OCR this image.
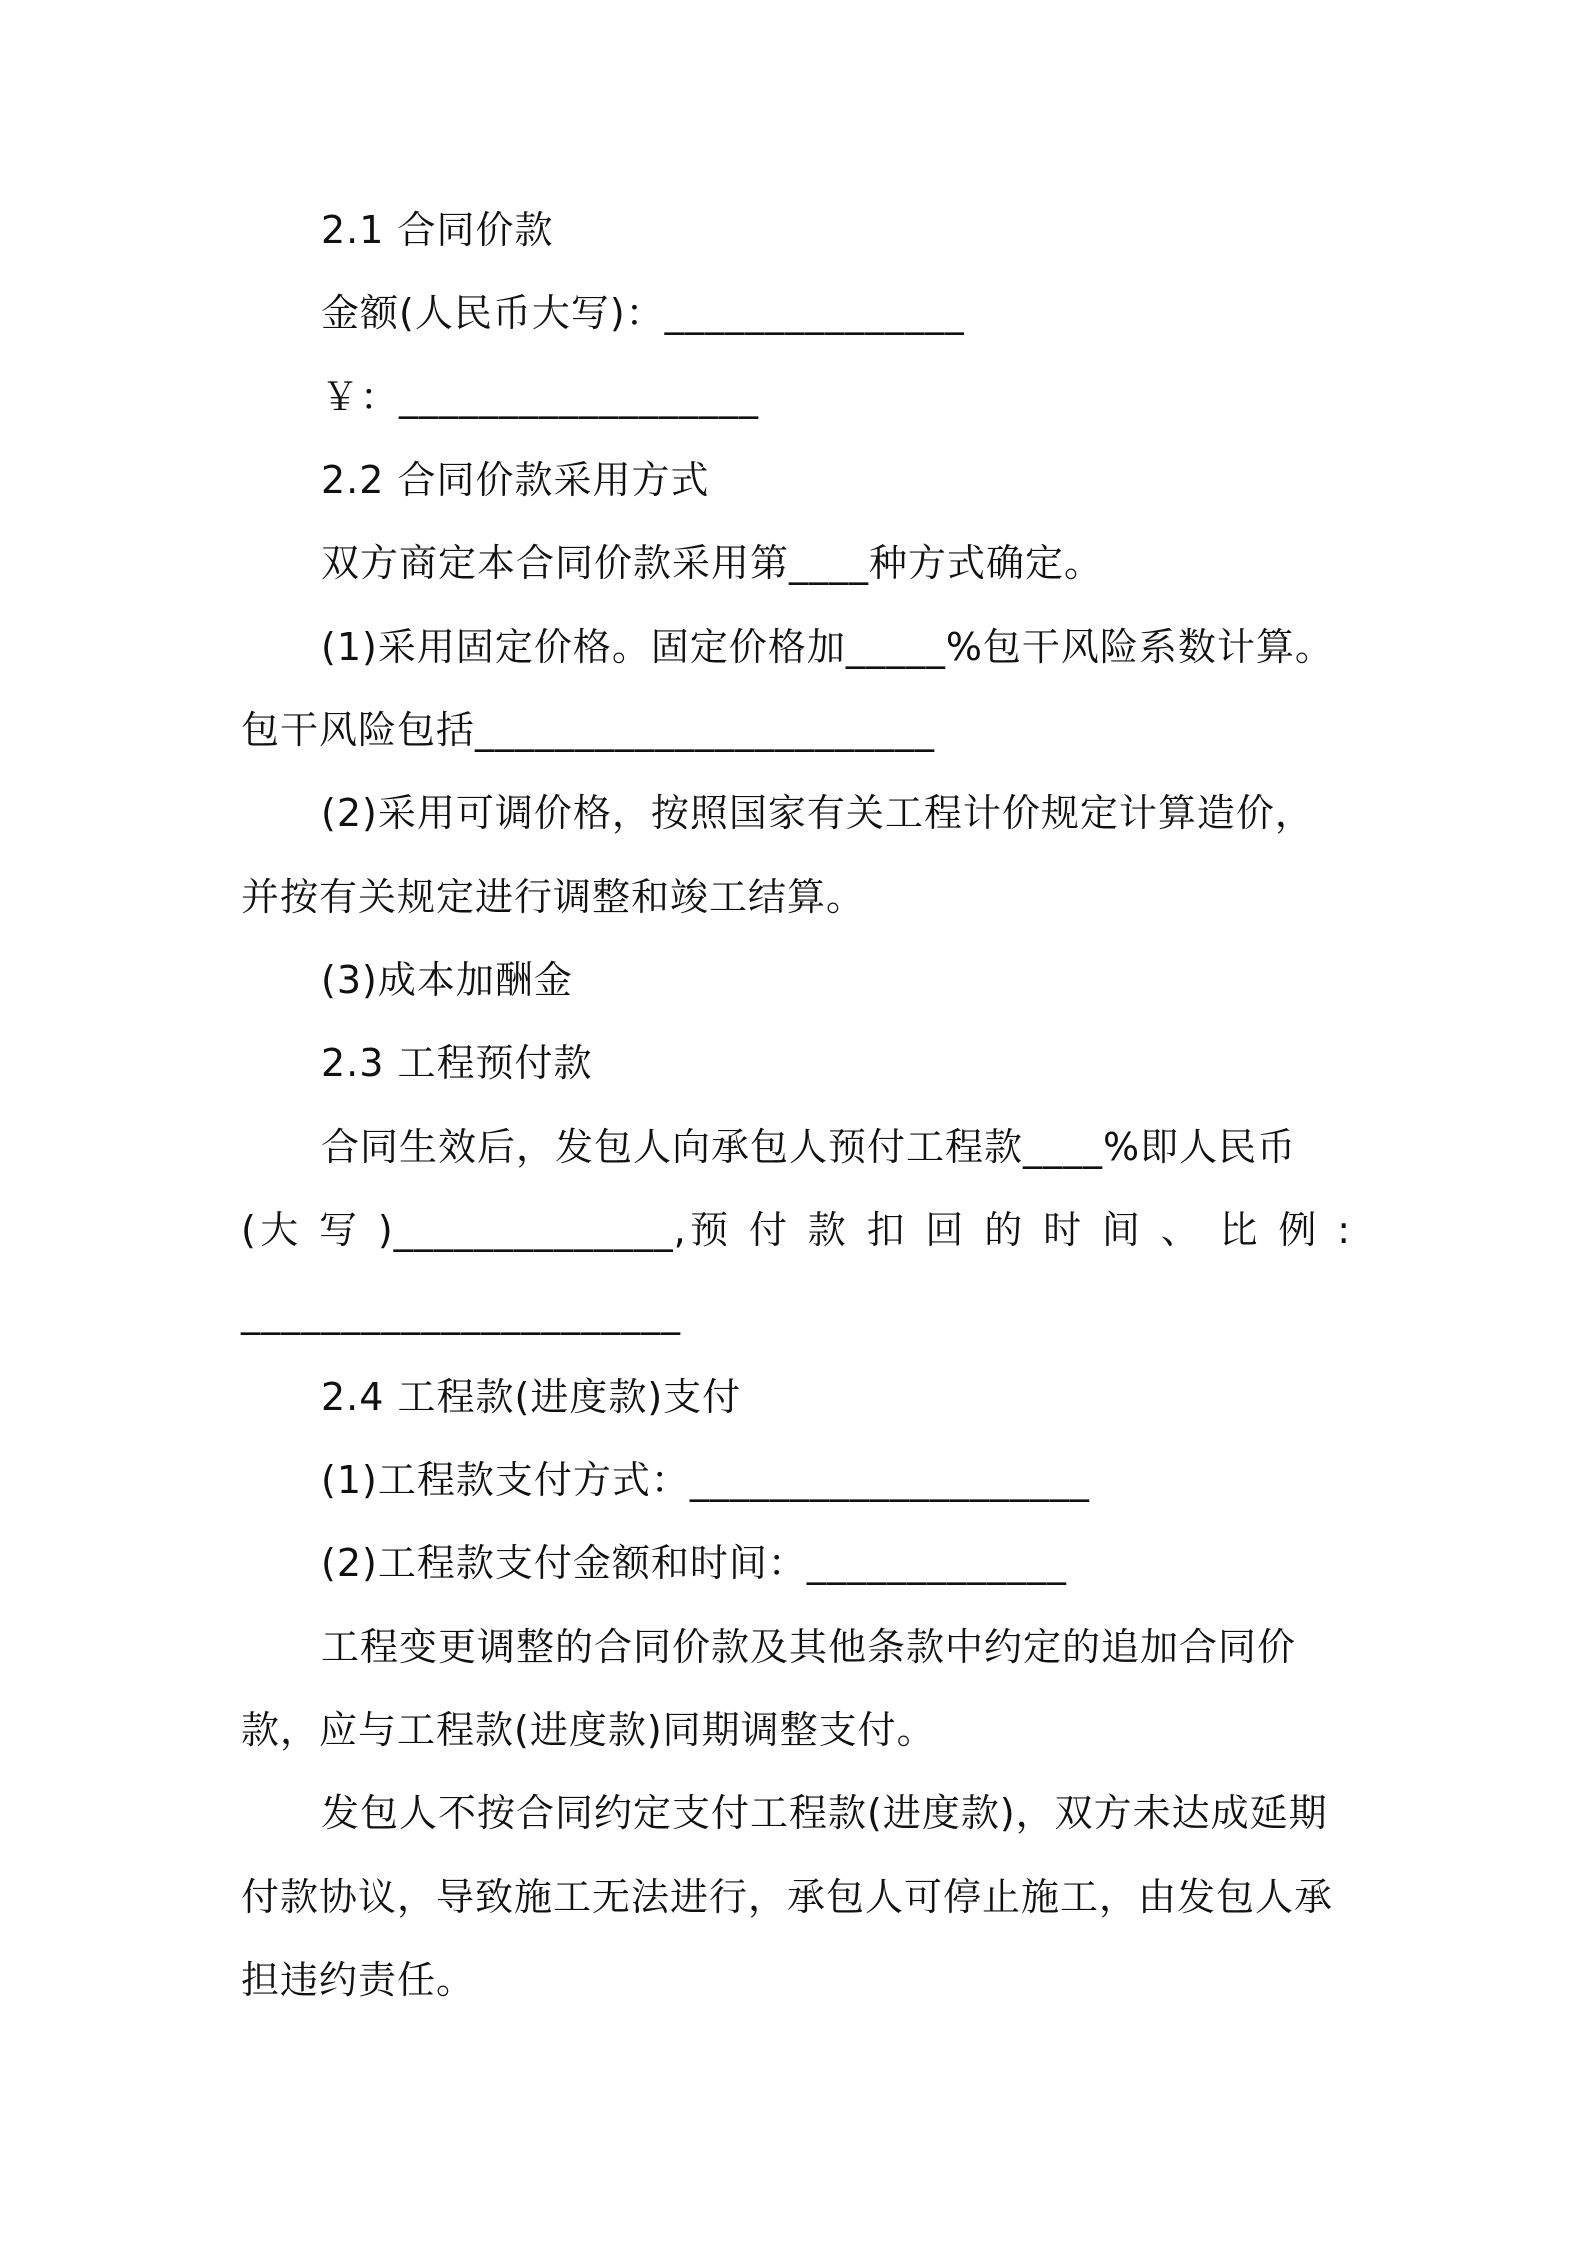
2.1 合同价款
金额(人民币大写)：_______________
￥：__________________
2.2 合同价款采用方式
双方商定本合同价款采用第____种方式确定。
(1)采用固定价格。固定价格加_____%包干风险系数计算。
包干风险包括_______________________
(2)采用可调价格，按照国家有关工程计价规定计算造价，
并按有关规定进行调整和竣工结算。
(3)成本加酬金
2.3 工程预付款
合同生效后，发包人向承包人预付工程款____%即人民币
(大 写 )______________,预 付 款 扣 回 的 时 间 、 比 例 :
______________________
2.4 工程款(进度款)支付
(1)工程款支付方式：____________________
(2)工程款支付金额和时间：_____________
工程变更调整的合同价款及其他条款中约定的追加合同价
款，应与工程款(进度款)同期调整支付。
发包人不按合同约定支付工程款(进度款)，双方未达成延期
付款协议，导致施工无法进行，承包人可停止施工，由发包人承
担违约责任。
